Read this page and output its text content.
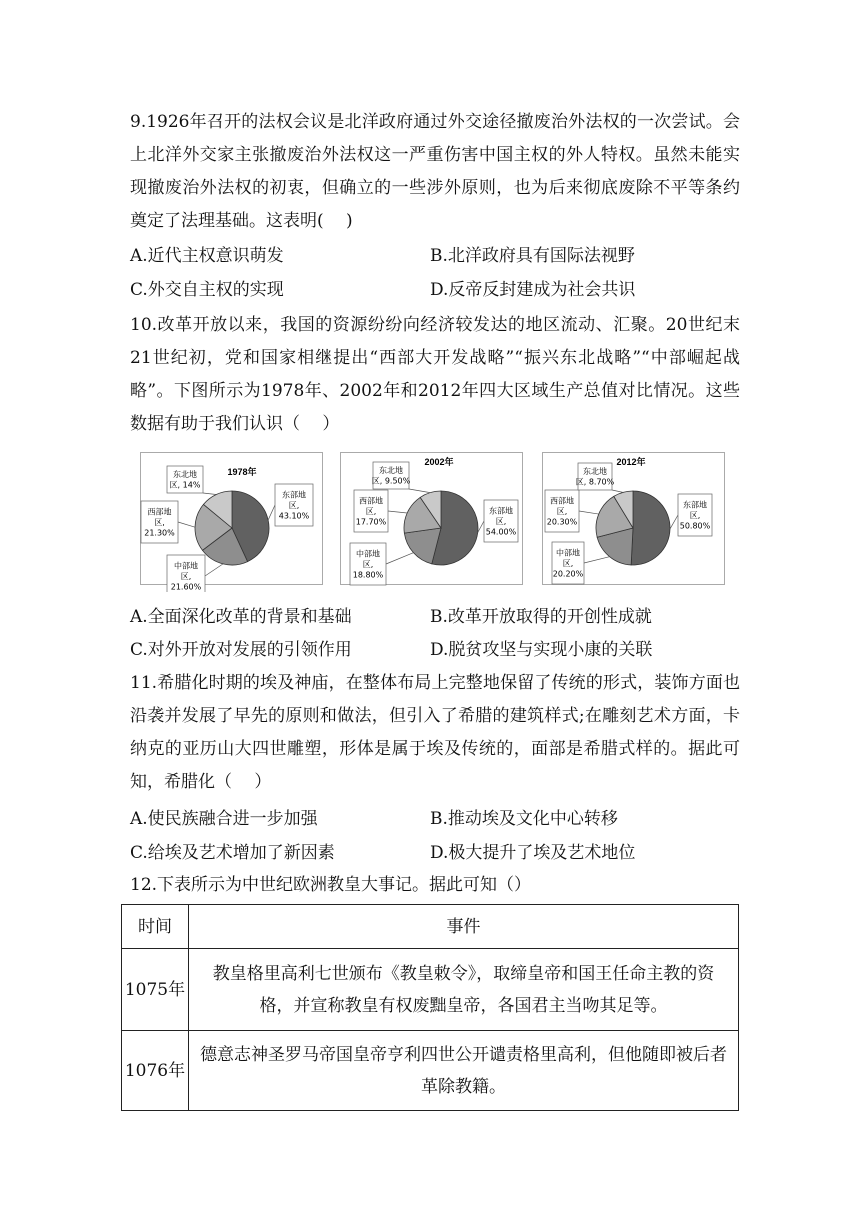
9.1926年召开的法权会议是北洋政府通过外交途径撤废治外法权的一次尝试。会上北洋外交家主张撤废治外法权这一严重伤害中国主权的外人特权。虽然未能实现撤废治外法权的初衷，但确立的一些涉外原则，也为后来彻底废除不平等条约奠定了法理基础。这表明(　 )
A.近代主权意识萌发	B.北洋政府具有国际法视野
C.外交自主权的实现	D.反帝反封建成为社会共识
10.改革开放以来，我国的资源纷纷向经济较发达的地区流动、汇聚。20世纪末21世纪初，党和国家相继提出“西部大开发战略”“振兴东北战略”“中部崛起战略”。下图所示为1978年、2002年和2012年四大区域生产总值对比情况。这些数据有助于我们认识（　 ）
1978年
东部地
区,
43.10%
中部地
区,
21.60%
西部地
区,
21.30%
东北地
区, 14%
2002年
东部地
区,
54.00%
中部地
区,
18.80%
西部地
区,
17.70%
东北地
区, 9.50%
2012年
东部地
区,
50.80%
中部地
区,
20.20%
西部地
区,
20.30%
东北地
区, 8.70%
A.全面深化改革的背景和基础	B.改革开放取得的开创性成就
C.对外开放对发展的引领作用	D.脱贫攻坚与实现小康的关联
11.希腊化时期的埃及神庙，在整体布局上完整地保留了传统的形式，装饰方面也沿袭并发展了早先的原则和做法，但引入了希腊的建筑样式;在雕刻艺术方面，卡纳克的亚历山大四世雕塑，形体是属于埃及传统的，面部是希腊式样的。据此可知，希腊化（　 ）
A.使民族融合进一步加强	B.推动埃及文化中心转移
C.给埃及艺术增加了新因素	D.极大提升了埃及艺术地位
12.下表所示为中世纪欧洲教皇大事记。据此可知（）
时间	事件
1075年	教皇格里高利七世颁布《教皇敕令》，取缔皇帝和国王任命主教的资格，并宣称教皇有权废黜皇帝，各国君主当吻其足等。
1076年	德意志神圣罗马帝国皇帝亨利四世公开谴责格里高利，但他随即被后者革除教籍。
